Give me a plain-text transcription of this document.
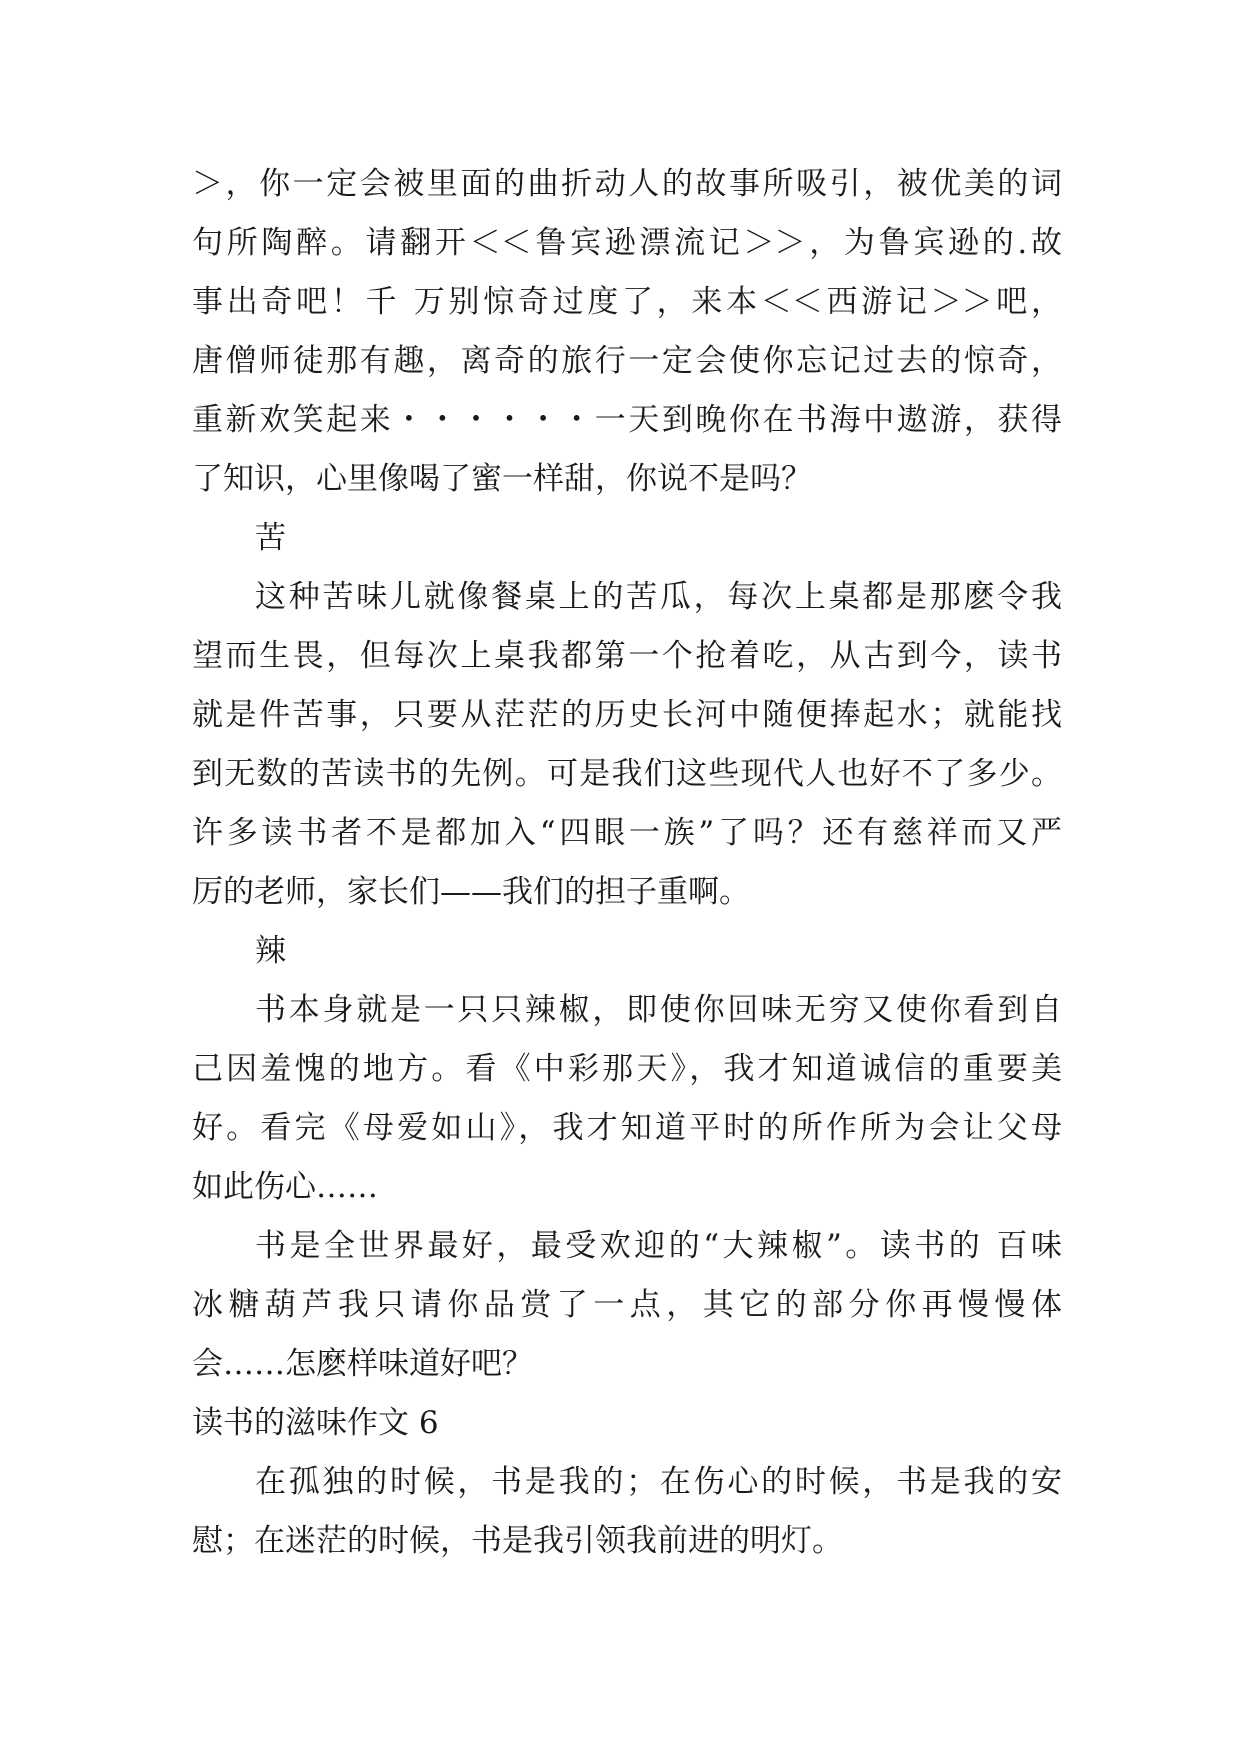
＞，你一定会被里面的曲折动人的故事所吸引，被优美的词
句所陶醉。请翻开＜＜鲁宾逊漂流记＞＞，为鲁宾逊的.故
事出奇吧！千 万别惊奇过度了，来本＜＜西游记＞＞吧，
唐僧师徒那有趣，离奇的旅行一定会使你忘记过去的惊奇，
重新欢笑起来・・・・・・一天到晚你在书海中遨游，获得
了知识，心里像喝了蜜一样甜，你说不是吗？
苦
这种苦味儿就像餐桌上的苦瓜，每次上桌都是那麽令我
望而生畏，但每次上桌我都第一个抢着吃，从古到今，读书
就是件苦事，只要从茫茫的历史长河中随便捧起水；就能找
到无数的苦读书的先例。可是我们这些现代人也好不了多少。
许多读书者不是都加入“四眼一族”了吗？还有慈祥而又严
厉的老师，家长们——我们的担子重啊。
辣
书本身就是一只只辣椒，即使你回味无穷又使你看到自
己因羞愧的地方。看《中彩那天》，我才知道诚信的重要美
好。看完《母爱如山》，我才知道平时的所作所为会让父母
如此伤心……
书是全世界最好，最受欢迎的“大辣椒”。读书的 百味
冰糖葫芦我只请你品赏了一点，其它的部分你再慢慢体
会……怎麽样味道好吧？
读书的滋味作文 6
在孤独的时候，书是我的；在伤心的时候，书是我的安
慰；在迷茫的时候，书是我引领我前进的明灯。
